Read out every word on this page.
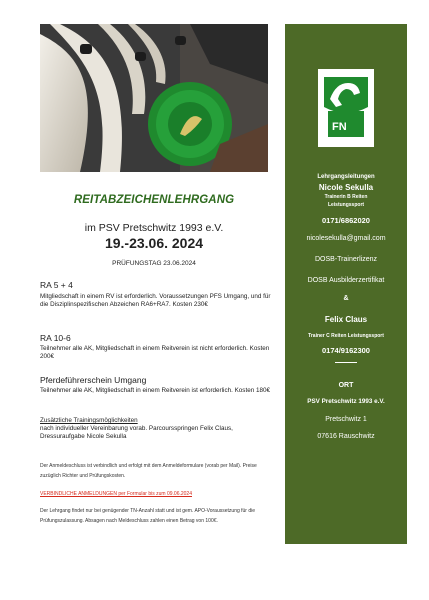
REITABZEICHENLEHRGANG
im PSV Pretschwitz 1993 e.V.
19.-23.06. 2024
PRÜFUNGSTAG 23.06.2024
RA 5 + 4
Mitgliedschaft in einem RV ist erforderlich. Voraussetzungen PFS Umgang, und für die Disziplinspezifischen Abzeichen RA6+RA7. Kosten 230€
RA 10-6
Teilnehmer alle AK, Mitgliedschaft in einem Reitverein ist nicht erforderlich. Kosten 200€
Pferdeführerschein Umgang
Teilnehmer alle AK, Mitgliedschaft in einem Reitverein ist erforderlich. Kosten 180€
Zusätzliche Trainingsmöglichkeiten
nach individueller Vereinbarung vorab. Parcoursspringen Felix Claus, Dressuraufgabe Nicole Sekulla
Der Anmeldeschluss ist verbindlich und erfolgt mit dem Anmeldeformulare (vorab per Mail). Preise zuzüglich Richter und Prüfungskosten.
VERBINDLICHE ANMELDUNGEN per Formular bis zum 09.06.2024
Der Lehrgang findet nur bei genügender TN-Anzahl statt und ist gem. APO-Voraussetzung für die Prüfungszulassung. Absagen nach Meldeschluss zahlen einen Betrag von 100€.
FN
Lehrgangsleitungen
Nicole Sekulla
Trainerin B Reiten
Leistungssport
0171/6862020
nicolesekulla@gmail.com
DOSB-Trainerlizenz
DOSB Ausbilderzertifikat
&
Felix Claus
Trainer C Reiten Leistungssport
0174/9162300
ORT
PSV Pretschwitz 1993 e.V.
Pretschwitz 1
07616 Rauschwitz
